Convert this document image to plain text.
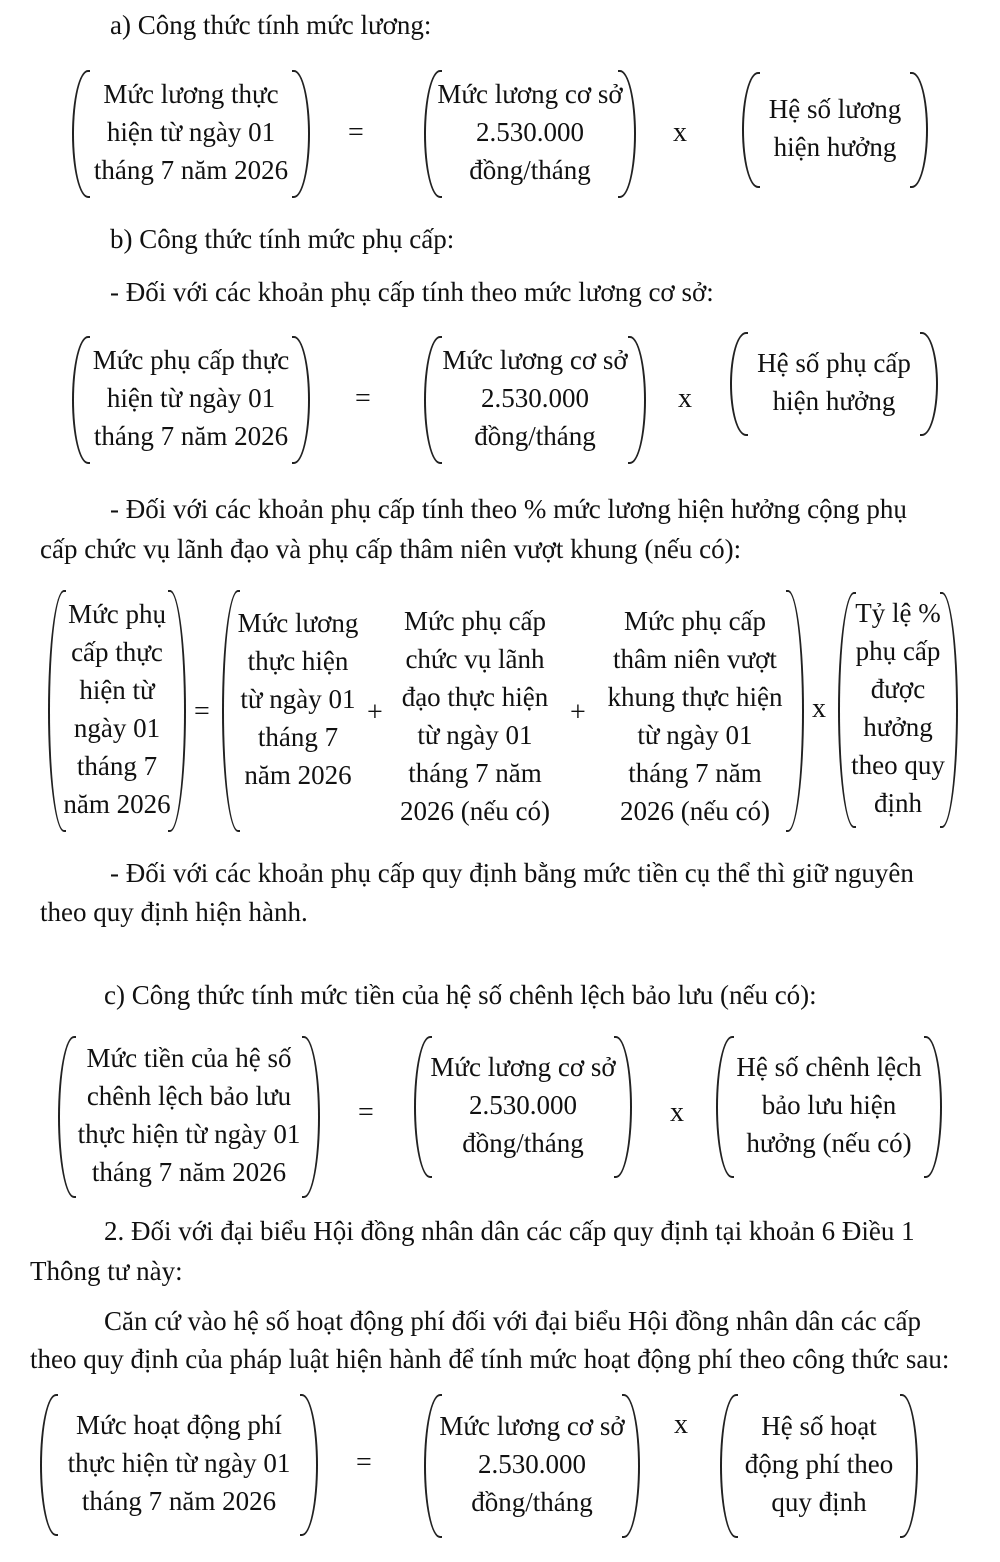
a) Công thức tính mức lương:
Mức lương thực
hiện từ ngày 01
tháng 7 năm 2026
=
Mức lương cơ sở
2.530.000
đồng/tháng
x
Hệ số lương
hiện hưởng
b) Công thức tính mức phụ cấp:
- Đối với các khoản phụ cấp tính theo mức lương cơ sở:
Mức phụ cấp thực
hiện từ ngày 01
tháng 7 năm 2026
=
Mức lương cơ sở
2.530.000
đồng/tháng
x
Hệ số phụ cấp
hiện hưởng
- Đối với các khoản phụ cấp tính theo % mức lương hiện hưởng cộng phụ
cấp chức vụ lãnh đạo và phụ cấp thâm niên vượt khung (nếu có):
Mức phụ
cấp thực
hiện từ
ngày 01
tháng 7
năm 2026
=
Mức lương
thực hiện
từ ngày 01
tháng 7
năm 2026
+
Mức phụ cấp
chức vụ lãnh
đạo thực hiện
từ ngày 01
tháng 7 năm
2026 (nếu có)
+
Mức phụ cấp
thâm niên vượt
khung thực hiện
từ ngày 01
tháng 7 năm
2026 (nếu có)
x
Tỷ lệ %
phụ cấp
được
hưởng
theo quy
định
- Đối với các khoản phụ cấp quy định bằng mức tiền cụ thể thì giữ nguyên
theo quy định hiện hành.
c) Công thức tính mức tiền của hệ số chênh lệch bảo lưu (nếu có):
Mức tiền của hệ số
chênh lệch bảo lưu
thực hiện từ ngày 01
tháng 7 năm 2026
=
Mức lương cơ sở
2.530.000
đồng/tháng
x
Hệ số chênh lệch
bảo lưu hiện
hưởng (nếu có)
2. Đối với đại biểu Hội đồng nhân dân các cấp quy định tại khoản 6 Điều 1
Thông tư này:
Căn cứ vào hệ số hoạt động phí đối với đại biểu Hội đồng nhân dân các cấp
theo quy định của pháp luật hiện hành để tính mức hoạt động phí theo công thức sau:
Mức hoạt động phí
thực hiện từ ngày 01
tháng 7 năm 2026
=
Mức lương cơ sở
2.530.000
đồng/tháng
x	Hệ số hoạt
động phí theo
quy định
